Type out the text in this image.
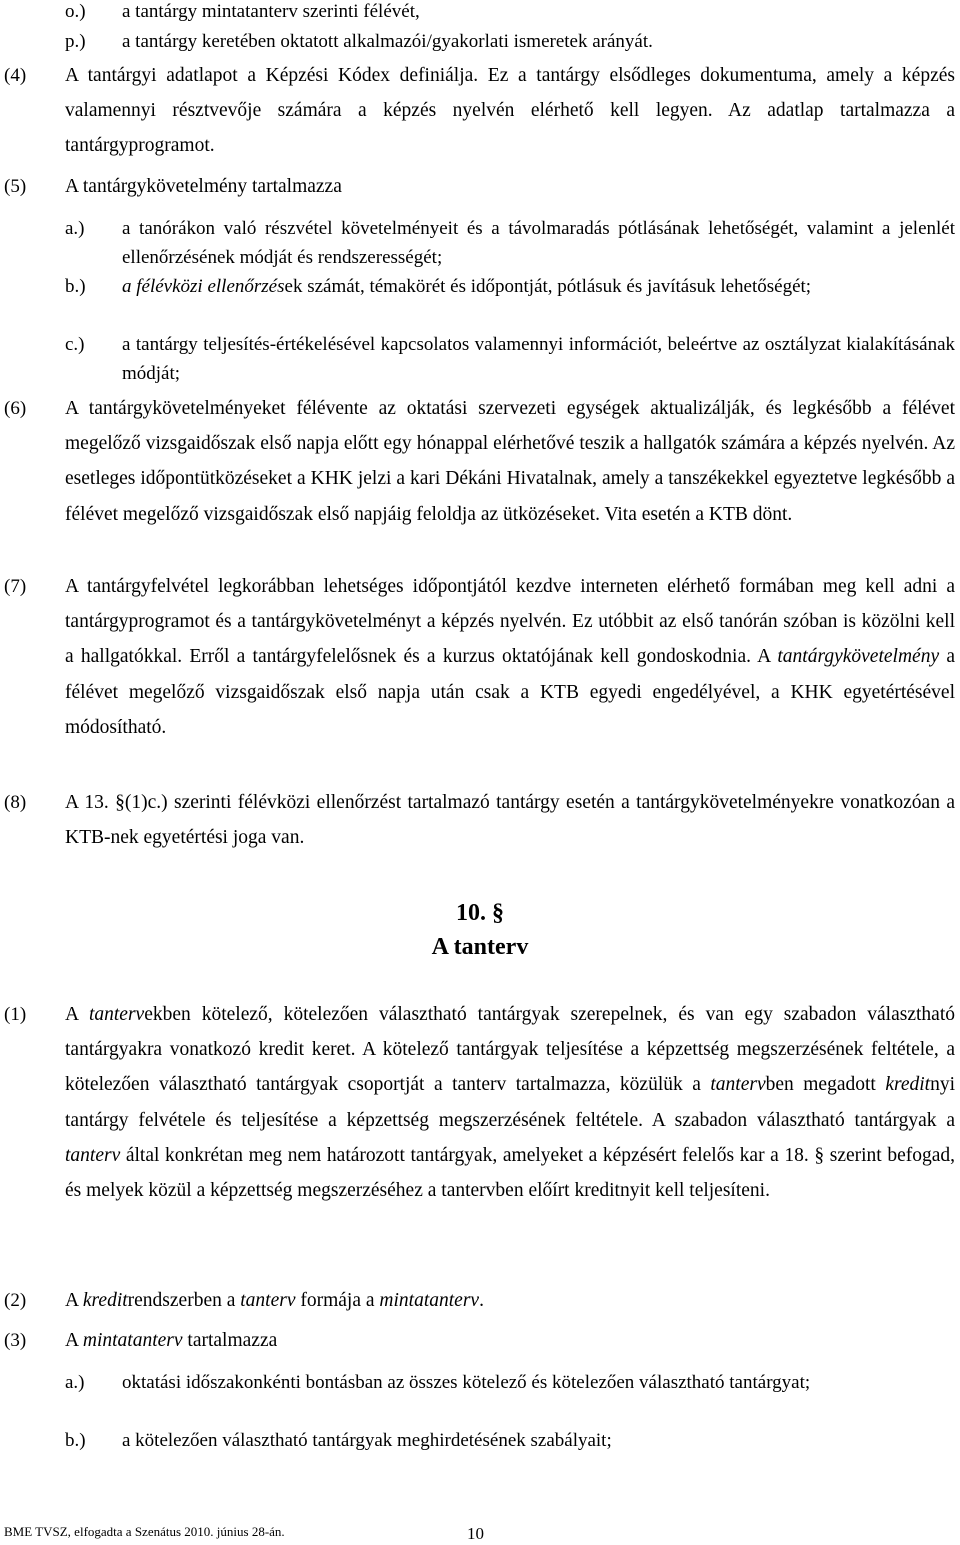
o.) a tantárgy mintatanterv szerinti félévét,
p.) a tantárgy keretében oktatott alkalmazói/gyakorlati ismeretek arányát.
(4) A tantárgyi adatlapot a Képzési Kódex definiálja. Ez a tantárgy elsődleges dokumentuma, amely a képzés valamennyi résztvevője számára a képzés nyelvén elérhető kell legyen. Az adatlap tartalmazza a tantárgyprogramot.
(5) A tantárgykövetelmény tartalmazza
a.) a tanórákon való részvétel követelményeit és a távolmaradás pótlásának lehetőségét, valamint a jelenlét ellenőrzésének módját és rendszerességét;
b.) a félévközi ellenőrzések számát, témakörét és időpontját, pótlásuk és javításuk lehetőségét;
c.) a tantárgy teljesítés-értékelésével kapcsolatos valamennyi információt, beleértve az osztályzat kialakításának módját;
(6) A tantárgykövetelményeket félévente az oktatási szervezeti egységek aktualizálják, és legkésőbb a félévet megelőző vizsgaidőszak első napja előtt egy hónappal elérhetővé teszik a hallgatók számára a képzés nyelvén. Az esetleges időpontütközéseket a KHK jelzi a kari Dékáni Hivatalnak, amely a tanszékekkel egyeztetve legkésőbb a félévet megelőző vizsgaidőszak első napjáig feloldja az ütközéseket. Vita esetén a KTB dönt.
(7) A tantárgyfelvétel legkorábban lehetséges időpontjától kezdve interneten elérhető formában meg kell adni a tantárgyprogramot és a tantárgykövetelményt a képzés nyelvén. Ez utóbbit az első tanórán szóban is közölni kell a hallgatókkal. Erről a tantárgyfelelősnek és a kurzus oktatójának kell gondoskodnia. A tantárgykövetelmény a félévet megelőző vizsgaidőszak első napja után csak a KTB egyedi engedélyével, a KHK egyetértésével módosítható.
(8) A 13. §(1)c.) szerinti félévközi ellenőrzést tartalmazó tantárgy esetén a tantárgykövetelményekre vonatkozóan a KTB-nek egyetértési joga van.
10. §
A tanterv
(1) A tantervekben kötelező, kötelezően választható tantárgyak szerepelnek, és van egy szabadon választható tantárgyakra vonatkozó kredit keret. A kötelező tantárgyak teljesítése a képzettség megszerzésének feltétele, a kötelezően választható tantárgyak csoportját a tanterv tartalmazza, közülük a tantervben megadott kreditnyi tantárgy felvétele és teljesítése a képzettség megszerzésének feltétele. A szabadon választható tantárgyak a tanterv által konkrétan meg nem határozott tantárgyak, amelyeket a képzésért felelős kar a 18. § szerint befogad, és melyek közül a képzettség megszerzéséhez a tantervben előírt kreditnyit kell teljesíteni.
(2) A kreditrendszerben a tanterv formája a mintatanterv.
(3) A mintatanterv tartalmazza
a.) oktatási időszakonkénti bontásban az összes kötelező és kötelezően választható tantárgyat;
b.) a kötelezően választható tantárgyak meghirdetésének szabályait;
BME TVSZ, elfogadta a Szenátus 2010. június 28-án.	10
